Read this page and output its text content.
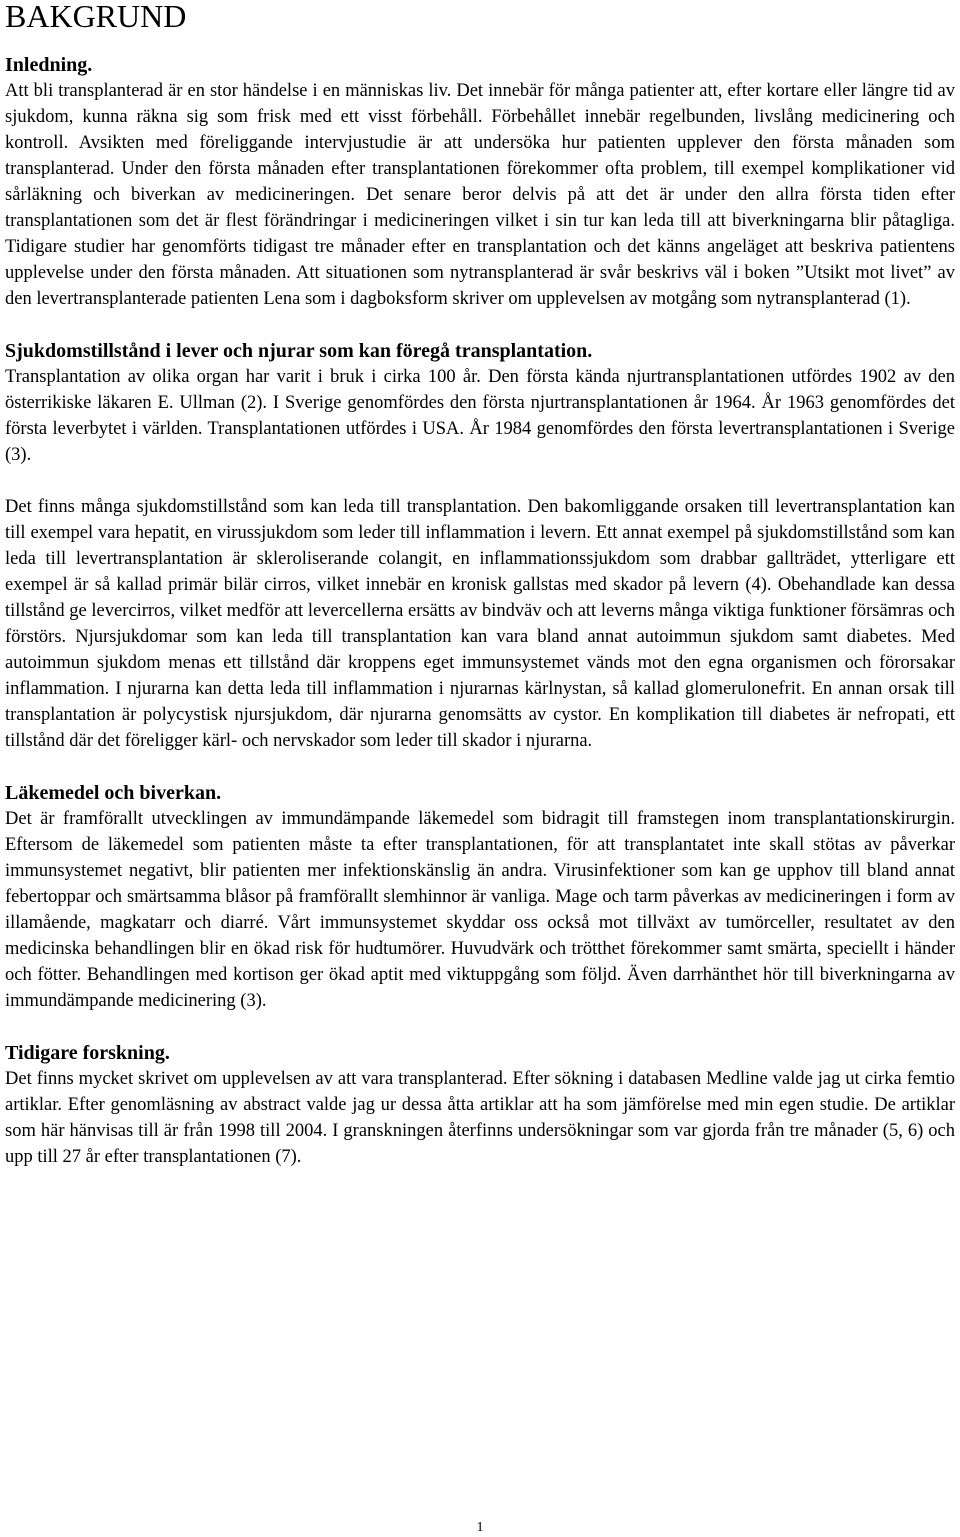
BAKGRUND
Inledning.

Att bli transplanterad är en stor händelse i en människas liv. Det innebär för många patienter att, efter kortare eller längre tid av sjukdom, kunna räkna sig som frisk med ett visst förbehåll. Förbehållet innebär regelbunden, livslång medicinering och kontroll. Avsikten med föreliggande intervjustudie är att undersöka hur patienten upplever den första månaden som transplanterad. Under den första månaden efter transplantationen förekommer ofta problem, till exempel komplikationer vid sårläkning och biverkan av medicineringen. Det senare beror delvis på att det är under den allra första tiden efter transplantationen som det är flest förändringar i medicineringen vilket i sin tur kan leda till att biverkningarna blir påtagliga. Tidigare studier har genomförts tidigast tre månader efter en transplantation och det känns angeläget att beskriva patientens upplevelse under den första månaden. Att situationen som nytransplanterad är svår beskrivs väl i boken ”Utsikt mot livet” av den levertransplanterade patienten Lena som i dagboksform skriver om upplevelsen av motgång som nytransplanterad (1).

Sjukdomstillstånd i lever och njurar som kan föregå transplantation.

Transplantation av olika organ har varit i bruk i cirka 100 år. Den första kända njurtransplantationen utfördes 1902 av den österrikiske läkaren E. Ullman (2). I Sverige genomfördes den första njurtransplantationen år 1964. År 1963 genomfördes det första leverbytet i världen. Transplantationen utfördes i USA. År 1984 genomfördes den första levertransplantationen i Sverige (3).

Det finns många sjukdomstillstånd som kan leda till transplantation. Den bakomliggande orsaken till levertransplantation kan till exempel vara hepatit, en virussjukdom som leder till inflammation i levern. Ett annat exempel på sjukdomstillstånd som kan leda till levertransplantation är skleroliserande colangit, en inflammationssjukdom som drabbar gallträdet, ytterligare ett exempel är så kallad primär bilär cirros, vilket innebär en kronisk gallstas med skador på levern (4). Obehandlade kan dessa tillstånd ge levercirros, vilket medför att levercellerna ersätts av bindväv och att leverns många viktiga funktioner försämras och förstörs. Njursjukdomar som kan leda till transplantation kan vara bland annat autoimmun sjukdom samt diabetes. Med autoimmun sjukdom menas ett tillstånd där kroppens eget immunsystemet vänds mot den egna organismen och förorsakar inflammation. I njurarna kan detta leda till inflammation i njurarnas kärlnystan, så kallad glomerulonefrit. En annan orsak till transplantation är polycystisk njursjukdom, där njurarna genomsätts av cystor. En komplikation till diabetes är nefropati, ett tillstånd där det föreligger kärl- och nervskador som leder till skador i njurarna.

Läkemedel och biverkan.

Det är framförallt utvecklingen av immundämpande läkemedel som bidragit till framstegen inom transplantationskirurgin. Eftersom de läkemedel som patienten måste ta efter transplantationen, för att transplantatet inte skall stötas av påverkar immunsystemet negativt, blir patienten mer infektionskänslig än andra. Virusinfektioner som kan ge upphov till bland annat febertoppar och smärtsamma blåsor på framförallt slemhinnor är vanliga. Mage och tarm påverkas av medicineringen i form av illamående, magkatarr och diarré. Vårt immunsystemet skyddar oss också mot tillväxt av tumörceller, resultatet av den medicinska behandlingen blir en ökad risk för hudtumörer. Huvudvärk och trötthet förekommer samt smärta, speciellt i händer och fötter. Behandlingen med kortison ger ökad aptit med viktuppgång som följd. Även darrhänthet hör till biverkningarna av immundämpande medicinering (3).

Tidigare forskning.

Det finns mycket skrivet om upplevelsen av att vara transplanterad. Efter sökning i databasen Medline valde jag ut cirka femtio artiklar. Efter genomläsning av abstract valde jag ur dessa åtta artiklar att ha som jämförelse med min egen studie. De artiklar som här hänvisas till är från 1998 till 2004. I granskningen återfinns undersökningar som var gjorda från tre månader (5, 6) och upp till 27 år efter transplantationen (7).

1
